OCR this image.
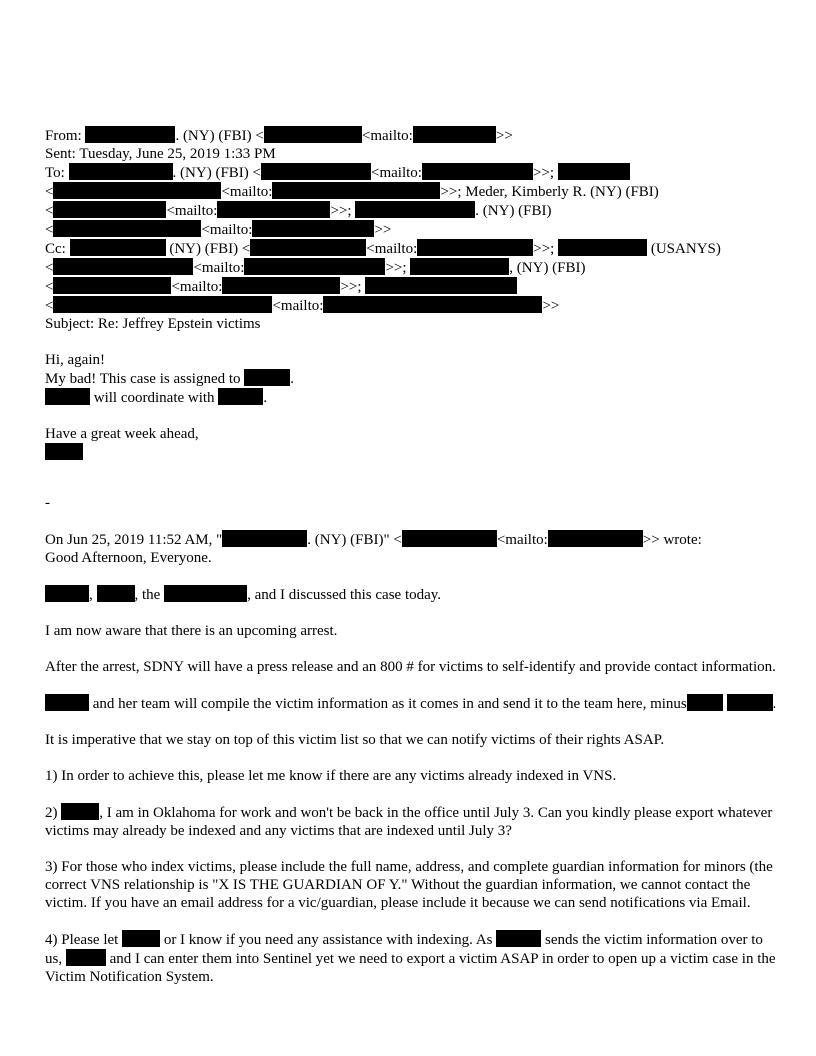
From:	. (NY) (FBI) <	<mailto:	>>
Sent: Tuesday, June 25, 2019 1:33 PM
To:	. (NY) (FBI) <	<mailto:	>>;
<	<mailto:	>>; Meder, Kimberly R. (NY) (FBI)
<	<mailto:	>>;	. (NY) (FBI)
<	<mailto:	>>
Cc:	(NY) (FBI) <	<mailto:	>>;	(USANYS)
<	<mailto:	>>;	, (NY) (FBI)
<	<mailto:	>>;
<	<mailto:	>>
Subject: Re: Jeffrey Epstein victims
Hi, again!
My bad! This case is assigned to	.
will coordinate with	.
Have a great week ahead,
-
On Jun 25, 2019 11:52 AM, "	. (NY) (FBI)" <	<mailto:	>> wrote:
Good Afternoon, Everyone.

,	, the	, and I discussed this case today.

I am now aware that there is an upcoming arrest.

After the arrest, SDNY will have a press release and an 800 # for victims to self-identify and provide contact information.

and her team will compile the victim information as it comes in and send it to the team here, minus	.

It is imperative that we stay on top of this victim list so that we can notify victims of their rights ASAP.

1) In order to achieve this, please let me know if there are any victims already indexed in VNS.

2)	, I am in Oklahoma for work and won't be back in the office until July 3. Can you kindly please export whatever victims may already be indexed and any victims that are indexed until July 3?

3) For those who index victims, please include the full name, address, and complete guardian information for minors (the correct VNS relationship is "X IS THE GUARDIAN OF Y." Without the guardian information, we cannot contact the victim. If you have an email address for a vic/guardian, please include it because we can send notifications via Email.

4) Please let	or I know if you need any assistance with indexing. As	sends the victim information over to us,	and I can enter them into Sentinel yet we need to export a victim ASAP in order to open up a victim case in the Victim Notification System.
